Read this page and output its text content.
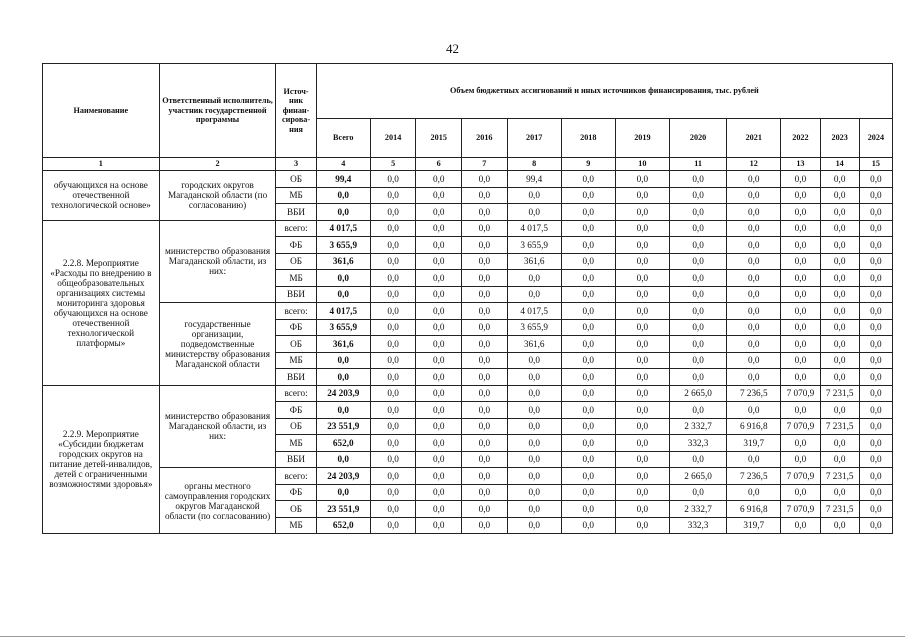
42
Наименование	Ответственный исполнитель, участник государственной программы	Источ-ник финан-сирова-ния	Объем бюджетных ассигнований и иных источников финансирования, тыс. рублей											
			Всего	2014	2015	2016	2017	2018	2019	2020	2021	2022	2023	2024
1	2	3	4	5	6	7	8	9	10	11	12	13	14	15
обучающихся на основе отечественной технологической основе»	городских округов Магаданской области (по согласованию)	ОБ	99,4	0,0	0,0	0,0	99,4	0,0	0,0	0,0	0,0	0,0	0,0	0,0
		МБ	0,0	0,0	0,0	0,0	0,0	0,0	0,0	0,0	0,0	0,0	0,0	0,0
		ВБИ	0,0	0,0	0,0	0,0	0,0	0,0	0,0	0,0	0,0	0,0	0,0	0,0
2.2.8. Мероприятие «Расходы по внедрению в общеобразовательных организациях системы мониторинга здоровья обучающихся на основе отечественной технологической платформы»	министерство образования Магаданской области, из них:	всего:	4 017,5	0,0	0,0	0,0	4 017,5	0,0	0,0	0,0	0,0	0,0	0,0	0,0
		ФБ	3 655,9	0,0	0,0	0,0	3 655,9	0,0	0,0	0,0	0,0	0,0	0,0	0,0
		ОБ	361,6	0,0	0,0	0,0	361,6	0,0	0,0	0,0	0,0	0,0	0,0	0,0
		МБ	0,0	0,0	0,0	0,0	0,0	0,0	0,0	0,0	0,0	0,0	0,0	0,0
		ВБИ	0,0	0,0	0,0	0,0	0,0	0,0	0,0	0,0	0,0	0,0	0,0	0,0
	государственные организации, подведомственные министерству образования Магаданской области	всего:	4 017,5	0,0	0,0	0,0	4 017,5	0,0	0,0	0,0	0,0	0,0	0,0	0,0
		ФБ	3 655,9	0,0	0,0	0,0	3 655,9	0,0	0,0	0,0	0,0	0,0	0,0	0,0
		ОБ	361,6	0,0	0,0	0,0	361,6	0,0	0,0	0,0	0,0	0,0	0,0	0,0
		МБ	0,0	0,0	0,0	0,0	0,0	0,0	0,0	0,0	0,0	0,0	0,0	0,0
		ВБИ	0,0	0,0	0,0	0,0	0,0	0,0	0,0	0,0	0,0	0,0	0,0	0,0
2.2.9. Мероприятие «Субсидии бюджетам городских округов на питание детей-инвалидов, детей с ограниченными возможностями здоровья»	министерство образования Магаданской области, из них:	всего:	24 203,9	0,0	0,0	0,0	0,0	0,0	0,0	2 665,0	7 236,5	7 070,9	7 231,5	0,0
		ФБ	0,0	0,0	0,0	0,0	0,0	0,0	0,0	0,0	0,0	0,0	0,0	0,0
		ОБ	23 551,9	0,0	0,0	0,0	0,0	0,0	0,0	2 332,7	6 916,8	7 070,9	7 231,5	0,0
		МБ	652,0	0,0	0,0	0,0	0,0	0,0	0,0	332,3	319,7	0,0	0,0	0,0
		ВБИ	0,0	0,0	0,0	0,0	0,0	0,0	0,0	0,0	0,0	0,0	0,0	0,0
	органы местного самоуправления городских округов Магаданской области (по согласованию)	всего:	24 203,9	0,0	0,0	0,0	0,0	0,0	0,0	2 665,0	7 236,5	7 070,9	7 231,5	0,0
		ФБ	0,0	0,0	0,0	0,0	0,0	0,0	0,0	0,0	0,0	0,0	0,0	0,0
		ОБ	23 551,9	0,0	0,0	0,0	0,0	0,0	0,0	2 332,7	6 916,8	7 070,9	7 231,5	0,0
		МБ	652,0	0,0	0,0	0,0	0,0	0,0	0,0	332,3	319,7	0,0	0,0	0,0
